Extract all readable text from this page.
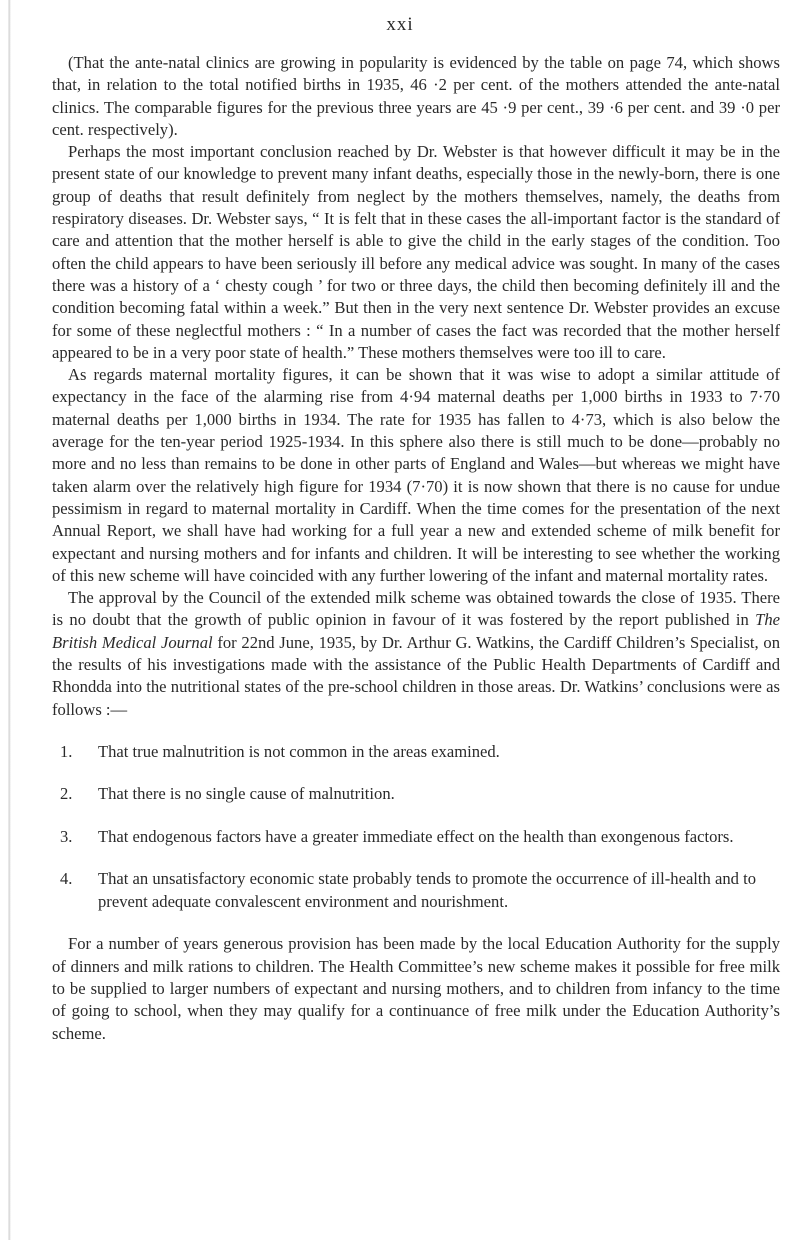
xxi

(That the ante-natal clinics are growing in popularity is evidenced by the table on page 74, which shows that, in relation to the total notified births in 1935, 46 ·2 per cent. of the mothers attended the ante-natal clinics. The comparable figures for the previous three years are 45 ·9 per cent., 39 ·6 per cent. and 39 ·0 per cent. respectively).

Perhaps the most important conclusion reached by Dr. Webster is that however difficult it may be in the present state of our knowledge to prevent many infant deaths, especially those in the newly-born, there is one group of deaths that result definitely from neglect by the mothers themselves, namely, the deaths from respiratory diseases. Dr. Webster says, “ It is felt that in these cases the all-important factor is the standard of care and attention that the mother herself is able to give the child in the early stages of the condition. Too often the child appears to have been seriously ill before any medical advice was sought. In many of the cases there was a history of a ‘ chesty cough ’ for two or three days, the child then becoming definitely ill and the condition becoming fatal within a week.” But then in the very next sentence Dr. Webster provides an excuse for some of these neglectful mothers : “ In a number of cases the fact was recorded that the mother herself appeared to be in a very poor state of health.” These mothers themselves were too ill to care.

As regards maternal mortality figures, it can be shown that it was wise to adopt a similar attitude of expectancy in the face of the alarming rise from 4·94 maternal deaths per 1,000 births in 1933 to 7·70 maternal deaths per 1,000 births in 1934. The rate for 1935 has fallen to 4·73, which is also below the average for the ten-year period 1925-1934. In this sphere also there is still much to be done—probably no more and no less than remains to be done in other parts of England and Wales—but whereas we might have taken alarm over the relatively high figure for 1934 (7·70) it is now shown that there is no cause for undue pessimism in regard to maternal mortality in Cardiff. When the time comes for the presentation of the next Annual Report, we shall have had working for a full year a new and extended scheme of milk benefit for expectant and nursing mothers and for infants and children. It will be interesting to see whether the working of this new scheme will have coincided with any further lowering of the infant and maternal mortality rates.

The approval by the Council of the extended milk scheme was obtained towards the close of 1935. There is no doubt that the growth of public opinion in favour of it was fostered by the report published in The British Medical Journal for 22nd June, 1935, by Dr. Arthur G. Watkins, the Cardiff Children’s Specialist, on the results of his investigations made with the assistance of the Public Health Departments of Cardiff and Rhondda into the nutritional states of the pre-school children in those areas. Dr. Watkins’ conclusions were as follows :—

1.	That true malnutrition is not common in the areas examined.
2.	That there is no single cause of malnutrition.
3.	That endogenous factors have a greater immediate effect on the health than exongenous factors.
4.	That an unsatisfactory economic state probably tends to promote the occurrence of ill-health and to prevent adequate convalescent environment and nourishment.

For a number of years generous provision has been made by the local Education Authority for the supply of dinners and milk rations to children. The Health Committee’s new scheme makes it possible for free milk to be supplied to larger numbers of expectant and nursing mothers, and to children from infancy to the time of going to school, when they may qualify for a continuance of free milk under the Education Authority’s scheme.
